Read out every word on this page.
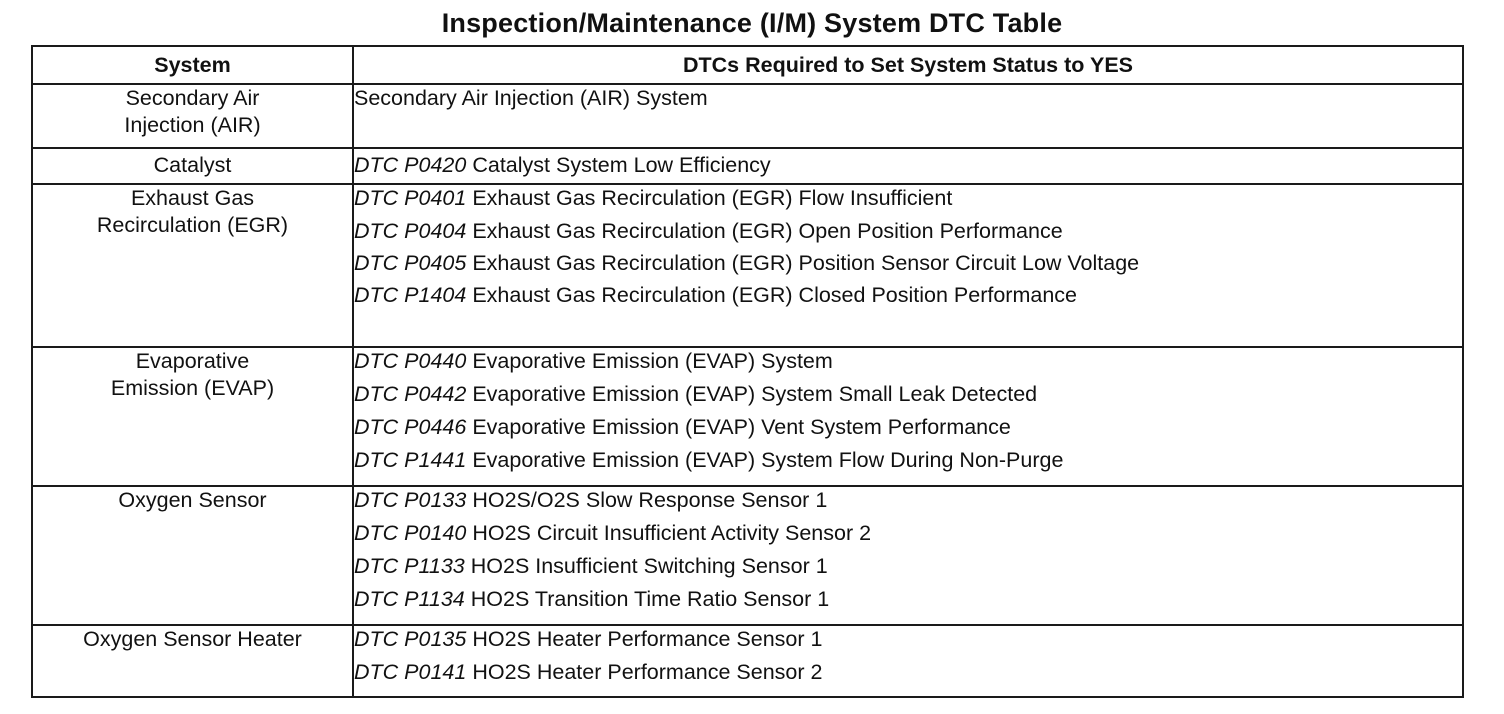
Inspection/Maintenance (I/M) System DTC Table
System	DTCs Required to Set System Status to YES

Secondary Air Injection (AIR)	Secondary Air Injection (AIR) System

Catalyst	DTC P0420 Catalyst System Low Efficiency

Exhaust Gas Recirculation (EGR)	DTC P0401 Exhaust Gas Recirculation (EGR) Flow Insufficient
DTC P0404 Exhaust Gas Recirculation (EGR) Open Position Performance
DTC P0405 Exhaust Gas Recirculation (EGR) Position Sensor Circuit Low Voltage
DTC P1404 Exhaust Gas Recirculation (EGR) Closed Position Performance

Evaporative Emission (EVAP)	DTC P0440 Evaporative Emission (EVAP) System
DTC P0442 Evaporative Emission (EVAP) System Small Leak Detected
DTC P0446 Evaporative Emission (EVAP) Vent System Performance
DTC P1441 Evaporative Emission (EVAP) System Flow During Non-Purge

Oxygen Sensor	DTC P0133 HO2S/O2S Slow Response Sensor 1
DTC P0140 HO2S Circuit Insufficient Activity Sensor 2
DTC P1133 HO2S Insufficient Switching Sensor 1
DTC P1134 HO2S Transition Time Ratio Sensor 1

Oxygen Sensor Heater	DTC P0135 HO2S Heater Performance Sensor 1
DTC P0141 HO2S Heater Performance Sensor 2
